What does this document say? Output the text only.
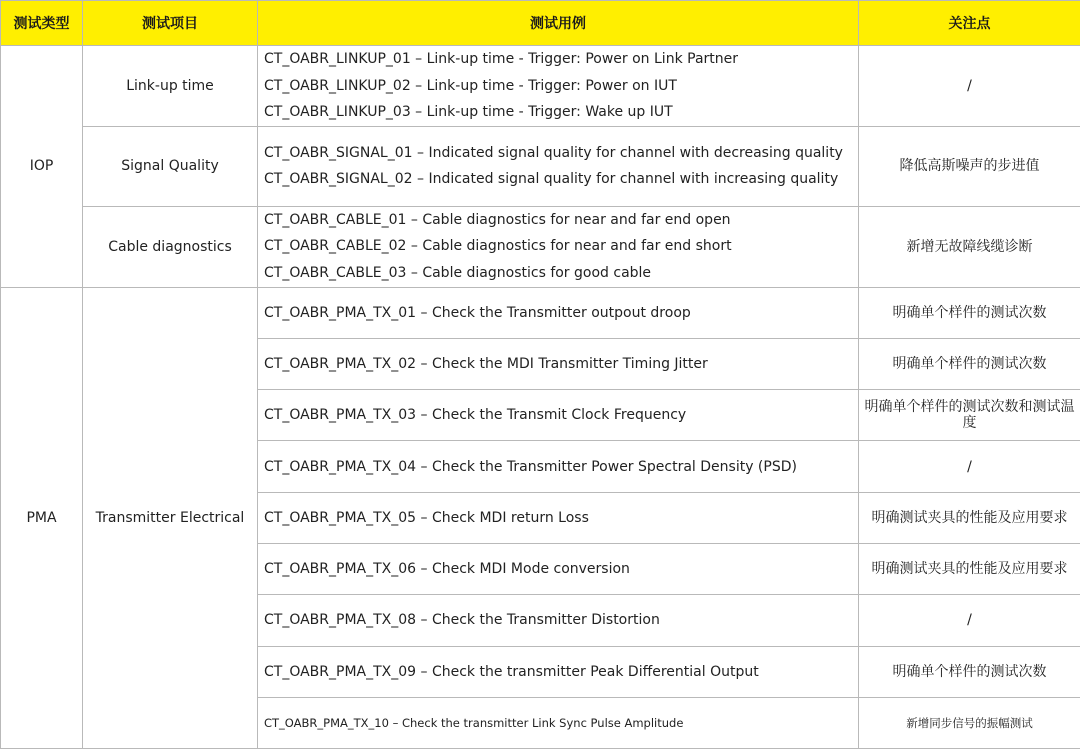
测试类型	测试项目	测试用例	关注点
IOP	Link-up time	CT_OABR_LINKUP_01 – Link-up time - Trigger: Power on Link Partner
CT_OABR_LINKUP_02 – Link-up time - Trigger: Power on IUT
CT_OABR_LINKUP_03 – Link-up time - Trigger: Wake up IUT	/
	Signal Quality	CT_OABR_SIGNAL_01 – Indicated signal quality for channel with decreasing quality
CT_OABR_SIGNAL_02 – Indicated signal quality for channel with increasing quality	降低高斯噪声的步进值
	Cable diagnostics	CT_OABR_CABLE_01 – Cable diagnostics for near and far end open
CT_OABR_CABLE_02 – Cable diagnostics for near and far end short
CT_OABR_CABLE_03 – Cable diagnostics for good cable	新增无故障线缆诊断
PMA	Transmitter Electrical	CT_OABR_PMA_TX_01 – Check the Transmitter outpout droop	明确单个样件的测试次数
		CT_OABR_PMA_TX_02 – Check the MDI Transmitter Timing Jitter	明确单个样件的测试次数
		CT_OABR_PMA_TX_03 – Check the Transmit Clock Frequency	明确单个样件的测试次数和测试温度
		CT_OABR_PMA_TX_04 – Check the Transmitter Power Spectral Density (PSD)	/
		CT_OABR_PMA_TX_05 – Check MDI return Loss	明确测试夹具的性能及应用要求
		CT_OABR_PMA_TX_06 – Check MDI Mode conversion	明确测试夹具的性能及应用要求
		CT_OABR_PMA_TX_08 – Check the Transmitter Distortion	/
		CT_OABR_PMA_TX_09 – Check the transmitter Peak Differential Output	明确单个样件的测试次数
		CT_OABR_PMA_TX_10 – Check the transmitter Link Sync Pulse Amplitude	新增同步信号的振幅测试
